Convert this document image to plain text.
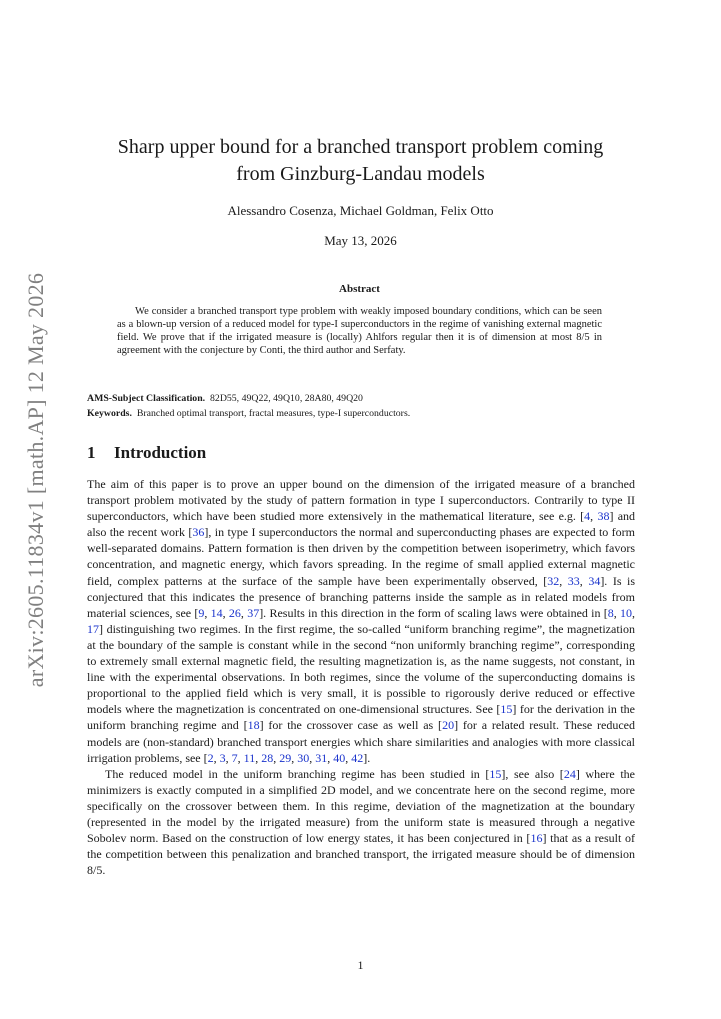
arXiv:2605.11834v1 [math.AP] 12 May 2026
Sharp upper bound for a branched transport problem coming
from Ginzburg-Landau models
Alessandro Cosenza, Michael Goldman, Felix Otto
May 13, 2026
Abstract

We consider a branched transport type problem with weakly imposed boundary conditions, which can be seen as a blown-up version of a reduced model for type-I superconductors in the regime of vanishing external magnetic field. We prove that if the irrigated measure is (locally) Ahlfors regular then it is of dimension at most 8/5 in agreement with the conjecture by Conti, the third author and Serfaty.

AMS-Subject Classification. 82D55, 49Q22, 49Q10, 28A80, 49Q20
Keywords. Branched optimal transport, fractal measures, type-I superconductors.
1 Introduction

The aim of this paper is to prove an upper bound on the dimension of the irrigated measure of a branched transport problem motivated by the study of pattern formation in type I superconductors. Contrarily to type II superconductors, which have been studied more extensively in the mathematical literature, see e.g. [4, 38] and also the recent work [36], in type I superconductors the normal and superconducting phases are expected to form well-separated domains. Pattern formation is then driven by the competition between isoperimetry, which favors concentration, and magnetic energy, which favors spreading. In the regime of small applied external magnetic field, complex patterns at the surface of the sample have been experimentally observed, [32, 33, 34]. Is is conjectured that this indicates the presence of branching patterns inside the sample as in related models from material sciences, see [9, 14, 26, 37]. Results in this direction in the form of scaling laws were obtained in [8, 10, 17] distinguishing two regimes. In the first regime, the so-called “uniform branching regime”, the magnetization at the boundary of the sample is constant while in the second “non uniformly branching regime”, corresponding to extremely small external magnetic field, the resulting magnetization is, as the name suggests, not constant, in line with the experimental observations. In both regimes, since the volume of the superconducting domains is proportional to the applied field which is very small, it is possible to rigorously derive reduced or effective models where the magnetization is concentrated on one-dimensional structures. See [15] for the derivation in the uniform branching regime and [18] for the crossover case as well as [20] for a related result. These reduced models are (non-standard) branched transport energies which share similarities and analogies with more classical irrigation problems, see [2, 3, 7, 11, 28, 29, 30, 31, 40, 42].

The reduced model in the uniform branching regime has been studied in [15], see also [24] where the minimizers is exactly computed in a simplified 2D model, and we concentrate here on the second regime, more specifically on the crossover between them. In this regime, deviation of the magnetization at the boundary (represented in the model by the irrigated measure) from the uniform state is measured through a negative Sobolev norm. Based on the construction of low energy states, it has been conjectured in [16] that as a result of the competition between this penalization and branched transport, the irrigated measure should be of dimension 8/5.

1
